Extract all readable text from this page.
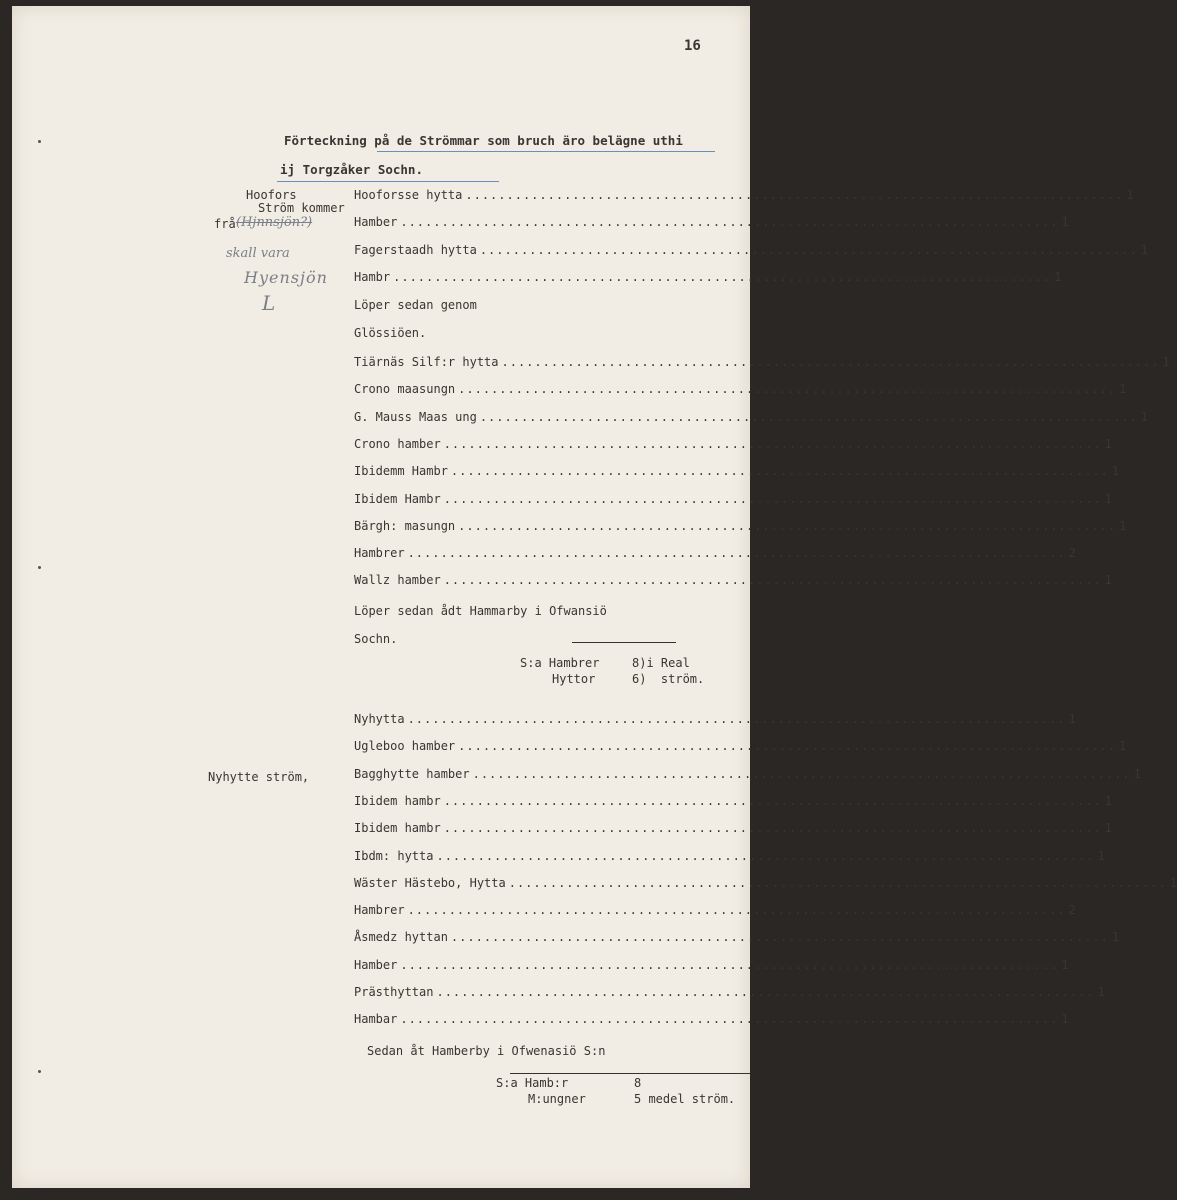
16
Förteckning på de Strömmar som bruch äro belägne uthi
ij Torgzåker Sochn.
Hoofors
Ström kommer
frå (Hjnnsjön?)
skall vara
Hyensjön
L
Hooforsse hytta ................................................................................ 1
Hamber ................................................................................ 1
Fagerstaadh hytta ................................................................................ 1
Hambr ................................................................................ 1
Löper sedan genom
Glössiöen.
Tiärnäs Silf:r hytta ................................................................................ 1
Crono maasungn ................................................................................ 1
G. Mauss Maas ung ................................................................................ 1
Crono hamber ................................................................................ 1
Ibidemm Hambr ................................................................................ 1
Ibidem Hambr ................................................................................ 1
Bärgh: masungn ................................................................................ 1
Hambrer ................................................................................ 2
Wallz hamber ................................................................................ 1
Löper sedan ådt Hammarby i Ofwansiö
Sochn.
S:a Hambrer	8)i Real
Hyttor	6)  ström.
Nyhytte ström,
Nyhytta ................................................................................ 1
Ugleboo hamber ................................................................................ 1
Bagghytte hamber ................................................................................ 1
Ibidem hambr ................................................................................ 1
Ibidem hambr ................................................................................ 1
Ibdm: hytta ................................................................................ 1
Wäster Hästebo, Hytta ................................................................................ 1
Hambrer ................................................................................ 2
Åsmedz hyttan ................................................................................ 1
Hamber ................................................................................ 1
Prästhyttan ................................................................................ 1
Hambar ................................................................................ 1
Sedan åt Hamberby i Ofwenasiö S:n
S:a Hamb:r	8
M:ungner	5 medel ström.
